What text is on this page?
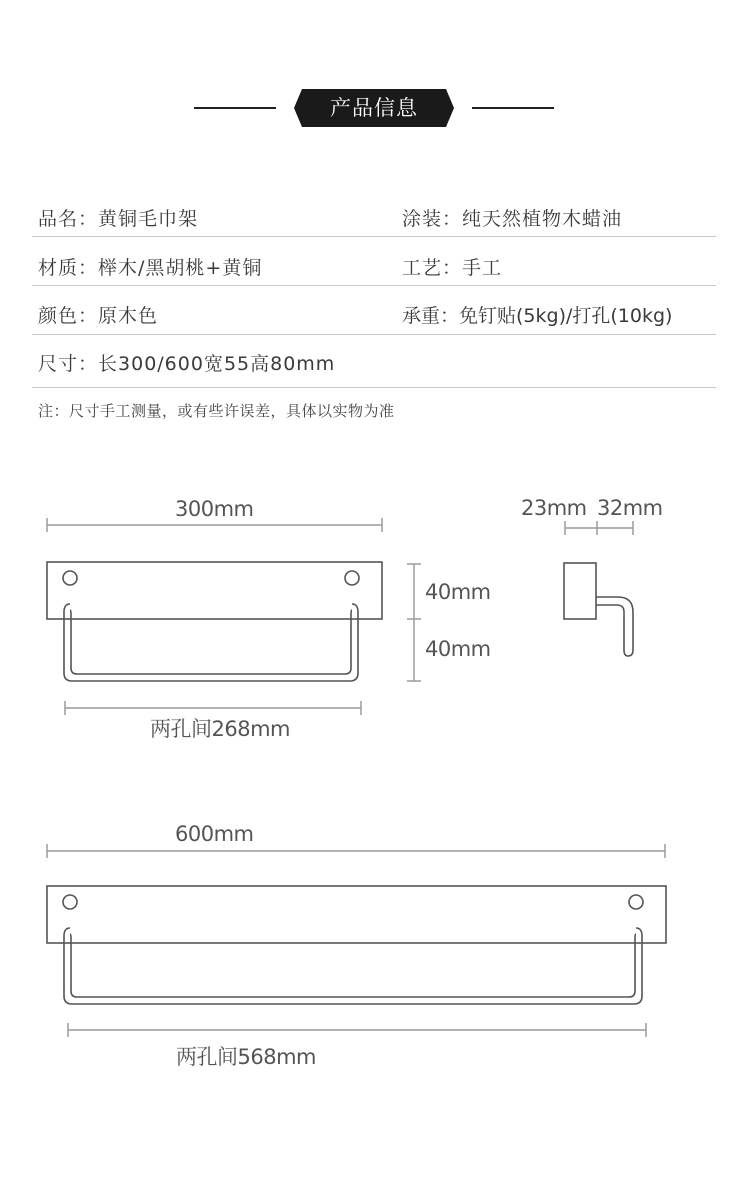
产品信息
品名：黄铜毛巾架	涂装：纯天然植物木蜡油
材质：榉木/黑胡桃+黄铜	工艺：手工
颜色：原木色	承重：免钉贴(5kg)/打孔(10kg)
尺寸：长300/600宽55高80mm
注：尺寸手工测量，或有些许误差，具体以实物为准
300mm
40mm
40mm
两孔间268mm
23mm 32mm
600mm
两孔间568mm
